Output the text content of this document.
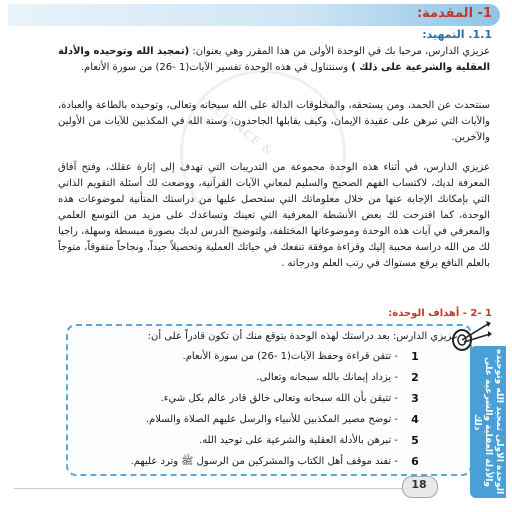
1- المقدمة:
1.1. التمهيد:
SCIENCE &
عزيزي الدارس، مرحبا بك في الوحدة الأولى من هذا المقرر وهي بعنوان: (تمجيد الله وتوحيده والأدلة العقلية والشرعية على ذلك ) وسنتناول في هذه الوحدة تفسير الآيات(1 -26) من سورة الأنعام.
سنتحدث عن الحمد، ومن يستحقه، والمخلوقات الدالة على الله سبحانه وتعالى، وتوحيده بالطاعة والعبادة، والآيات التي تبرهن على عقيدة الإيمان، وكيف يقابلها الجاحدون، وسنة الله في المكذبين للآيات من الأولين والآخرين.
عزيزي الدارس، في أثناء هذه الوحدة مجموعة من التدريبات التي تهدف إلى إثارة عقلك، وفتح آفاق المعرفة لديك، لاكتساب الفهم الصحيح والسليم لمعاني الآيات القرآنية، ووضعت لك أسئلة التقويم الذاتي التي بإمكانك الإجابة عنها من خلال معلوماتك التي ستحصل عليها من دراستك المتأنية لموضوعات هذه الوحدة، كما اقترحت لك بعض الأنشطة المعرفية التي تعينك وتساعدك على مزيد من التوسع العلمي والمعرفي في آيات هذه الوحدة وموضوعاتها المختلفة، ولتوضيح الدرس لديك بصورة مبسطة وسهلة، راجيا لك من الله دراسة محببة إليك وقراءة موفقة تنفعك في حياتك العملية وتحصيلاً جيداً، ونجاحاً متفوقاً، متوجاً بالعلم النافع يرفع مستواك في رتب العلم ودرجاته .
1 -2 - أهداف الوحدة:
عزيزي الدارس: بعد دراستك لهذه الوحدة يتوقع منك أن تكون قادراً على أن:
1
- تتقن قراءة وحفظ الآيات(1 -26) من سورة الأنعام.
2
- يزداد إيمانك بالله سبحانه وتعالى.
3
- تتيقن بأن الله سبحانه وتعالى خالق قادر عالم بكل شيء.
4
- توضح مصير المكذبين للأنبياء والرسل عليهم الصلاة والسلام.
5
- تبرهن بالأدلة العقلية والشرعية على توحيد الله.
6
- تفند موقف أهل الكتاب والمشركين من الرسول ﷺ وترد عليهم.	الوحدة الأولى تمجيد الله وتوحيده والأدلة العقلية والشرعية على ذلك
18
